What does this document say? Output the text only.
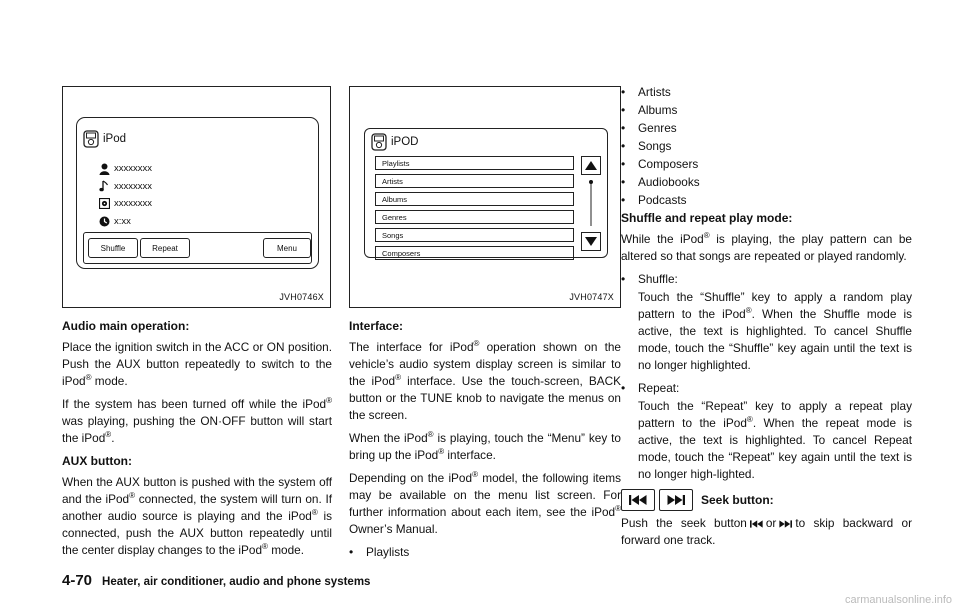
iPod
xxxxxxxx
xxxxxxxx
xxxxxxxx
x:xx
Shuffle	Repeat	Menu
JVH0746X
iPOD
Playlists
Artists
Albums
Genres
Songs
Composers
JVH0747X
Audio main operation:

Place the ignition switch in the ACC or ON position. Push the AUX button repeatedly to switch to the iPod® mode.

If the system has been turned off while the iPod® was playing, pushing the ON·OFF button will start the iPod®.

AUX button:

When the AUX button is pushed with the system off and the iPod® connected, the system will turn on. If another audio source is playing and the iPod® is connected, push the AUX button repeatedly until the center display changes to the iPod® mode.

Interface:

The interface for iPod® operation shown on the vehicle’s audio system display screen is similar to the iPod® interface. Use the touch-screen, BACK button or the TUNE knob to navigate the menus on the screen.

When the iPod® is playing, touch the “Menu” key to bring up the iPod® interface.

Depending on the iPod® model, the following items may be available on the menu list screen. For further information about each item, see the iPod® Owner’s Manual.

•	Playlists
•	Artists
•	Albums
•	Genres
•	Songs
•	Composers
•	Audiobooks
•	Podcasts
Shuffle and repeat play mode:

While the iPod® is playing, the play pattern can be altered so that songs are repeated or played randomly.

•	Shuffle:

Touch the “Shuffle” key to apply a random play pattern to the iPod®. When the Shuffle mode is active, the text is highlighted. To cancel Shuffle mode, touch the “Shuffle” key again until the text is no longer highlighted.

•	Repeat:

Touch the “Repeat” key to apply a repeat play pattern to the iPod®. When the repeat mode is active, the text is highlighted. To cancel Repeat mode, touch the “Repeat” key again until the text is no longer high-lighted.

Seek button:

Push the seek button or to skip backward or forward one track.

4-70 Heater, air conditioner, audio and phone systems
carmanualsonline.info
